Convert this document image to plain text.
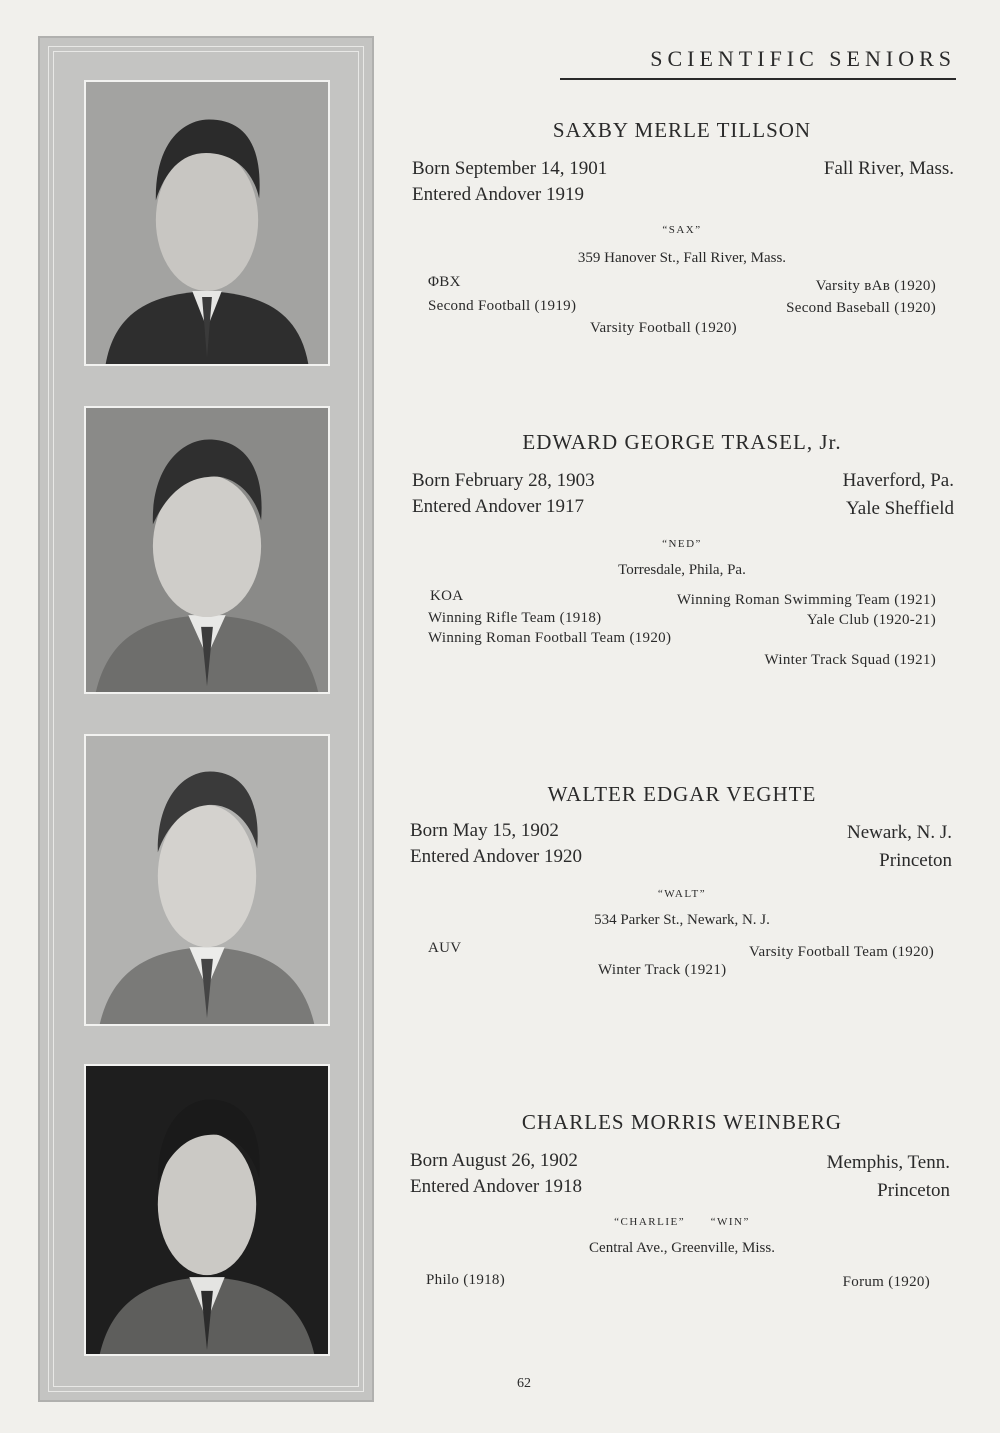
SCIENTIFIC SENIORS
SAXBY MERLE TILLSON
Born September 14, 1901	Fall River, Mass.
Entered Andover 1919
“SAX”
359 Hanover St., Fall River, Mass.
ΦBX	Varsity ʙAʙ (1920)
Second Football (1919)	Second Baseball (1920)
Varsity Football (1920)
EDWARD GEORGE TRASEL, Jr.
Born February 28, 1903	Haverford, Pa.
Entered Andover 1917	Yale Sheffield
“NED”
Torresdale, Phila, Pa.
KOA	Winning Roman Swimming Team (1921)
Winning Rifle Team (1918)	Yale Club (1920-21)
Winning Roman Football Team (1920)
Winter Track Squad (1921)
WALTER EDGAR VEGHTE
Born May 15, 1902	Newark, N. J.
Entered Andover 1920	Princeton
“WALT”
534 Parker St., Newark, N. J.
AUV	Varsity Football Team (1920)
Winter Track (1921)
CHARLES MORRIS WEINBERG
Born August 26, 1902	Memphis, Tenn.
Entered Andover 1918	Princeton
“CHARLIE”      “WIN”
Central Ave., Greenville, Miss.
Philo (1918)	Forum (1920)
62
